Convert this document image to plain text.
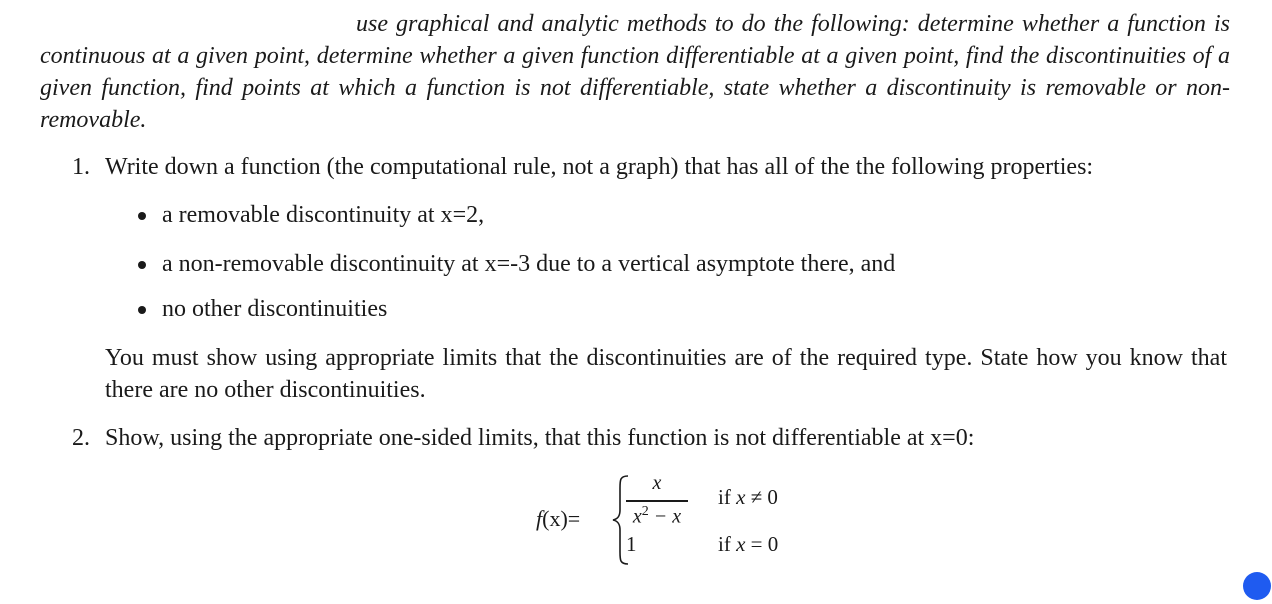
use graphical and analytic methods to do the following: determine whether a function is continuous at a given point, determine whether a given function differentiable at a given point, find the discontinuities of a given function, find points at which a function is not differentiable, state whether a discontinuity is removable or non-removable.

1. Write down a function (the computational rule, not a graph) that has all of the the following properties:
a removable discontinuity at x=2,
a non-removable discontinuity at x=-3 due to a vertical asymptote there, and
no other discontinuities

You must show using appropriate limits that the discontinuities are of the required type. State how you know that there are no other discontinuities.

2. Show, using the appropriate one-sided limits, that this function is not differentiable at x=0:
f(x)=
x
$x^2 - x$
if x ≠ 0
1	if x = 0
